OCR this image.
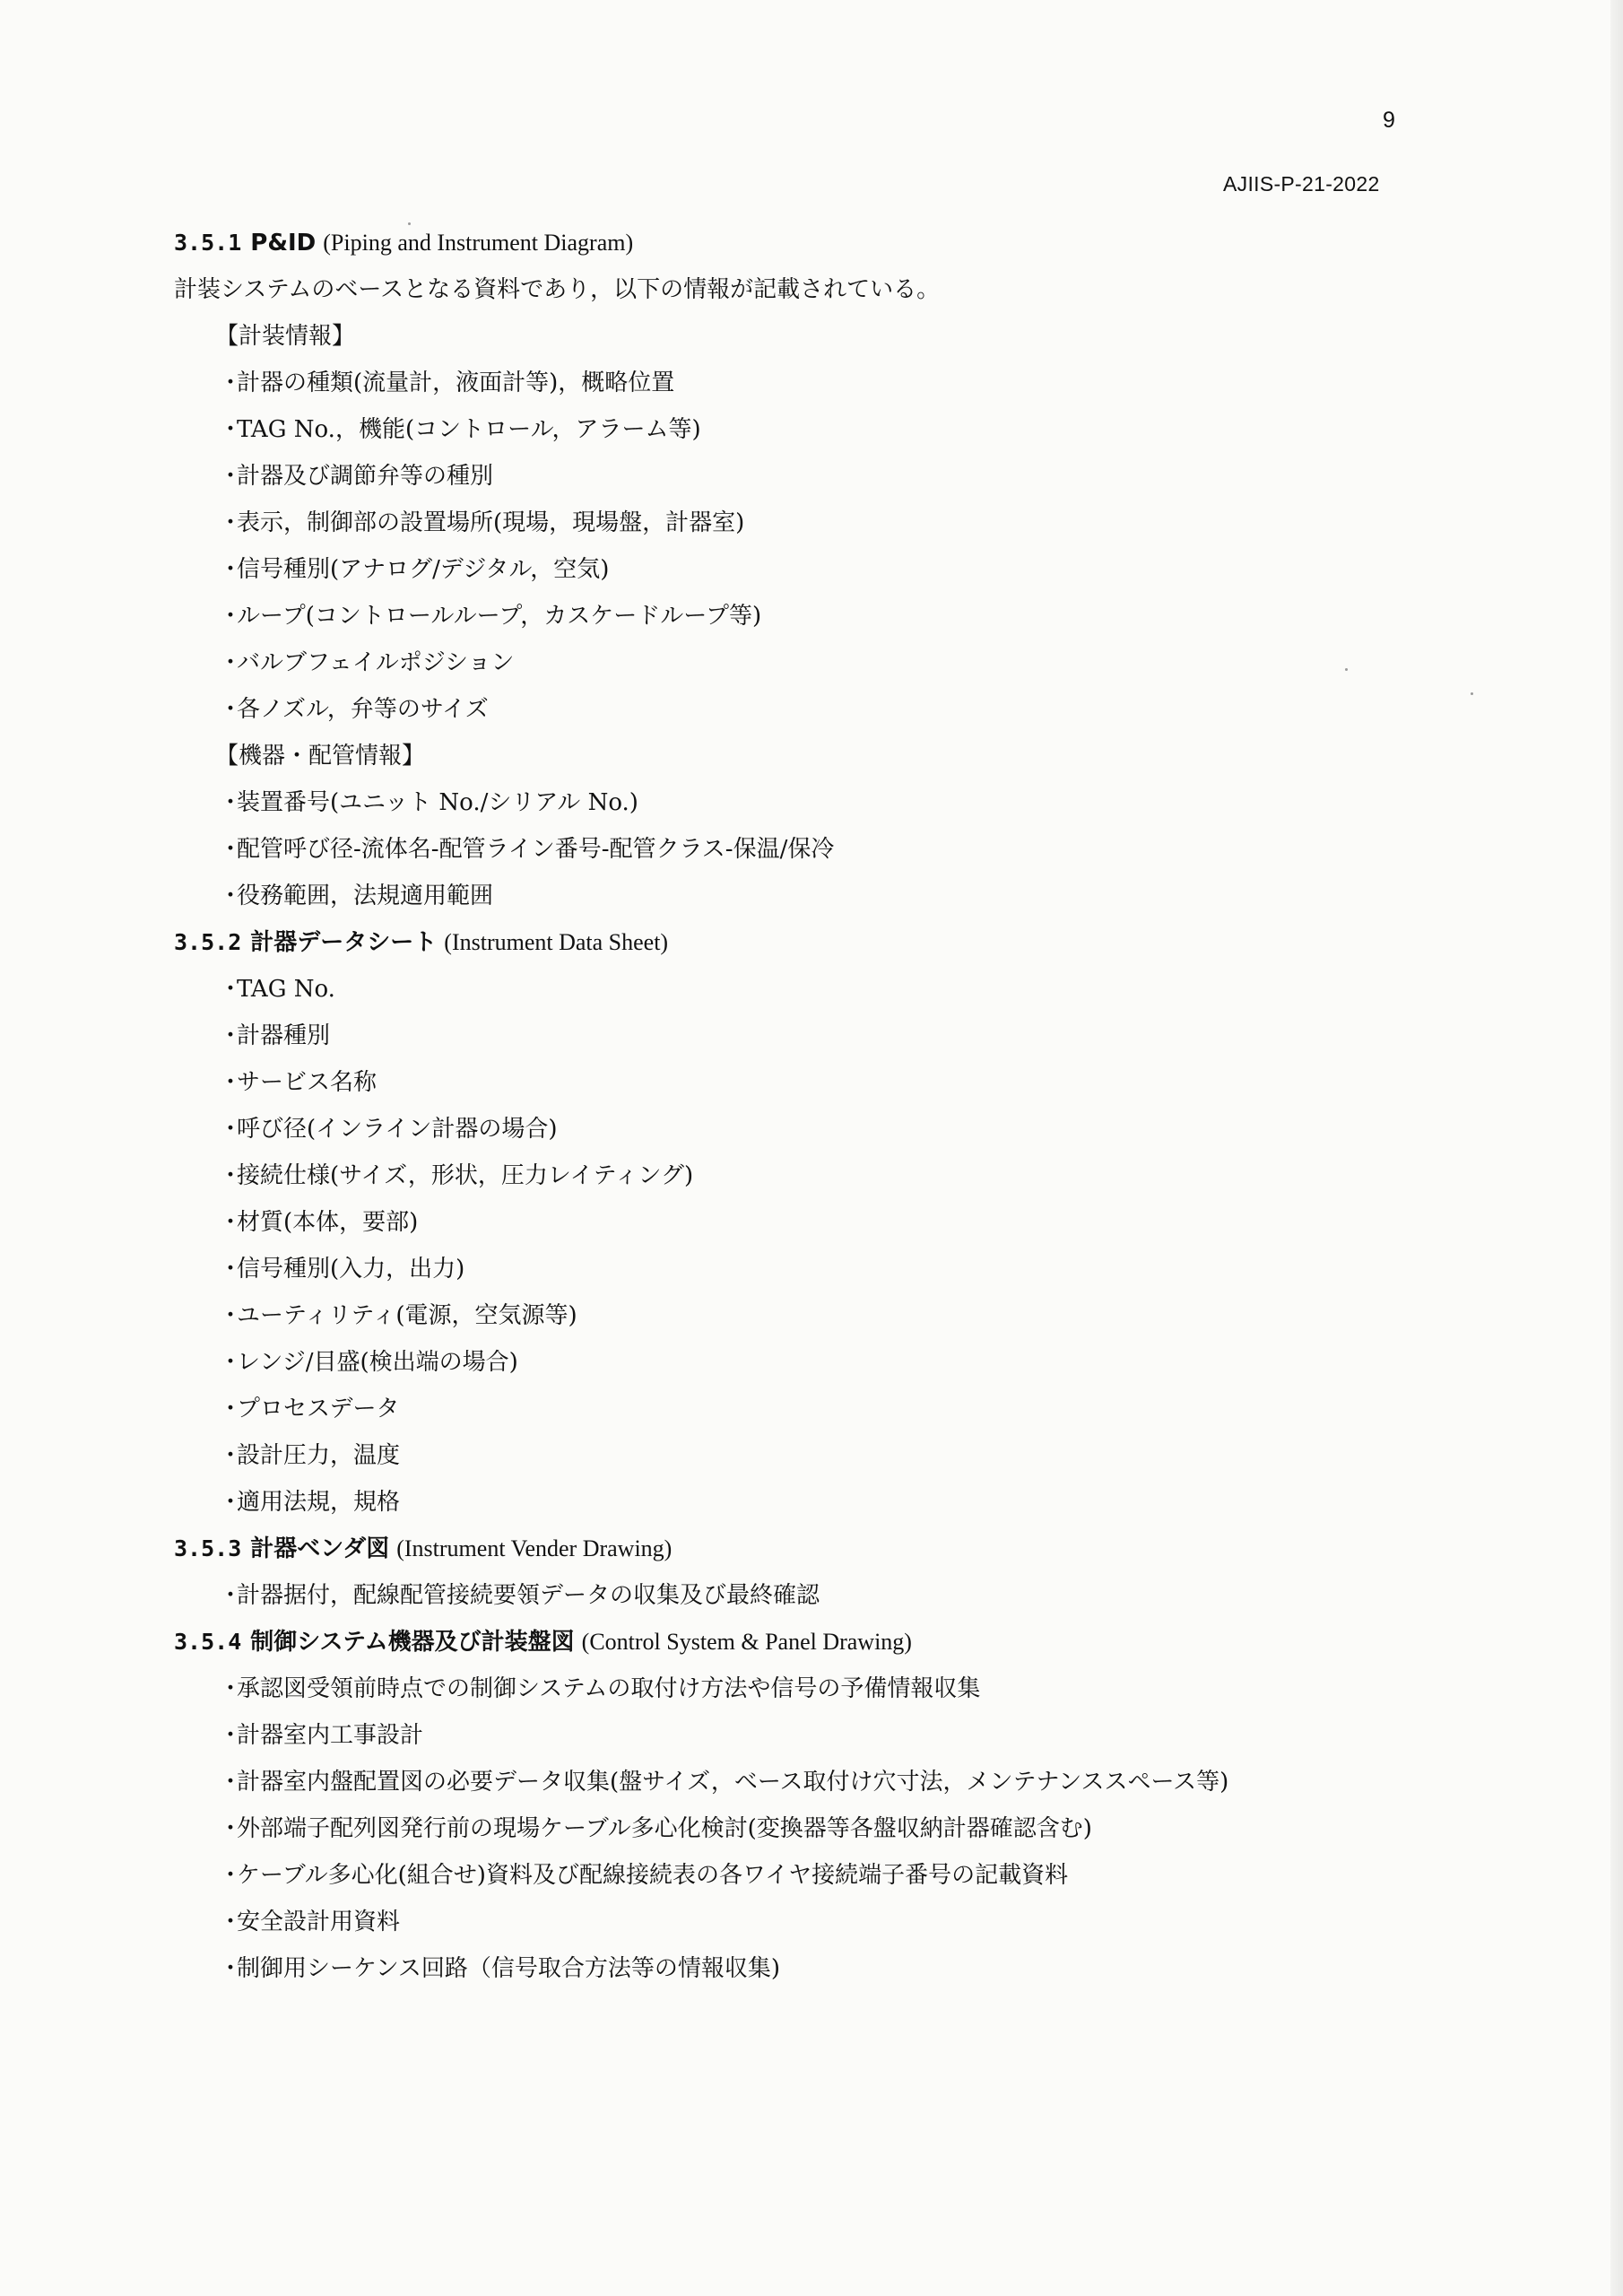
9
AJIIS-P-21-2022
3.5.1 P&ID (Piping and Instrument Diagram)
計装システムのベースとなる資料であり，以下の情報が記載されている。
【計装情報】
・計器の種類(流量計，液面計等)，概略位置
・TAG No.，機能(コントロール，アラーム等)
・計器及び調節弁等の種別
・表示，制御部の設置場所(現場，現場盤，計器室)
・信号種別(アナログ/デジタル，空気)
・ループ(コントロールループ，カスケードループ等)
・バルブフェイルポジション
・各ノズル，弁等のサイズ
【機器・配管情報】
・装置番号(ユニット No./シリアル No.)
・配管呼び径-流体名-配管ライン番号-配管クラス-保温/保冷
・役務範囲，法規適用範囲
3.5.2 計器データシート (Instrument Data Sheet)
・TAG No.
・計器種別
・サービス名称
・呼び径(インライン計器の場合)
・接続仕様(サイズ，形状，圧力レイティング)
・材質(本体，要部)
・信号種別(入力，出力)
・ユーティリティ(電源，空気源等)
・レンジ/目盛(検出端の場合)
・プロセスデータ
・設計圧力，温度
・適用法規，規格
3.5.3 計器ベンダ図 (Instrument Vender Drawing)
・計器据付，配線配管接続要領データの収集及び最終確認
3.5.4 制御システム機器及び計装盤図 (Control System & Panel Drawing)
・承認図受領前時点での制御システムの取付け方法や信号の予備情報収集
・計器室内工事設計
・計器室内盤配置図の必要データ収集(盤サイズ，ベース取付け穴寸法，メンテナンススペース等)
・外部端子配列図発行前の現場ケーブル多心化検討(変換器等各盤収納計器確認含む)
・ケーブル多心化(組合せ)資料及び配線接続表の各ワイヤ接続端子番号の記載資料
・安全設計用資料
・制御用シーケンス回路（信号取合方法等の情報収集)
